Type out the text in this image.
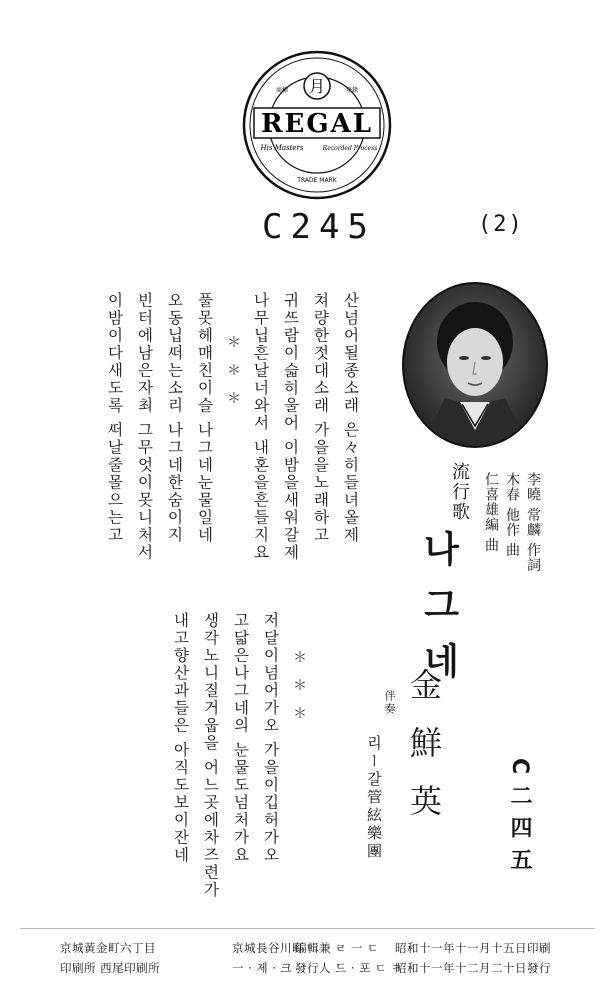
月
商標	登錄
REGAL
His Masters	Recorded Process
TRADE MARK
C245	(2)
산넘어될종소래 은々히들녀올제
쳐량한젓대소래 가을을노래하고
귀ᄯᅳ람이슯히울어 이밤을새워갈제
나무닙흔날너와서 내혼을흔들지요
＊　＊　＊
풀못헤매친이슬 나그네눈물일네
오동닙ᄯᅥ는소리 나그네한숨이지
빈터에남은자최 그무엇이못니처서
이밤이다새도록 ᄯᅥ날줄몰으는고
＊　＊　＊
저달이넘어가오 가을이깁허가오
고닯은나그네의 눈물도넘처가요
생각노니질거웁을 어느곳에차즈련가
내고향산과들은 아직도보이잔네
流行歌	李曉 常麟 作詞
木春 他作 曲
仁喜雄編 曲
나그네
金鮮英
伴奏
리ー갈管絃樂團	C二四五
昭和十一年十一月十五日印刷
昭和十一年十二月二十日發行
編輯兼 ㄹ 一 ㄷ
發行人 드 · 포 ㄷ ㅋ
京城長谷川町
一 · 제 · 크
京城黃金町六丁目
印刷所 西尾印刷所
